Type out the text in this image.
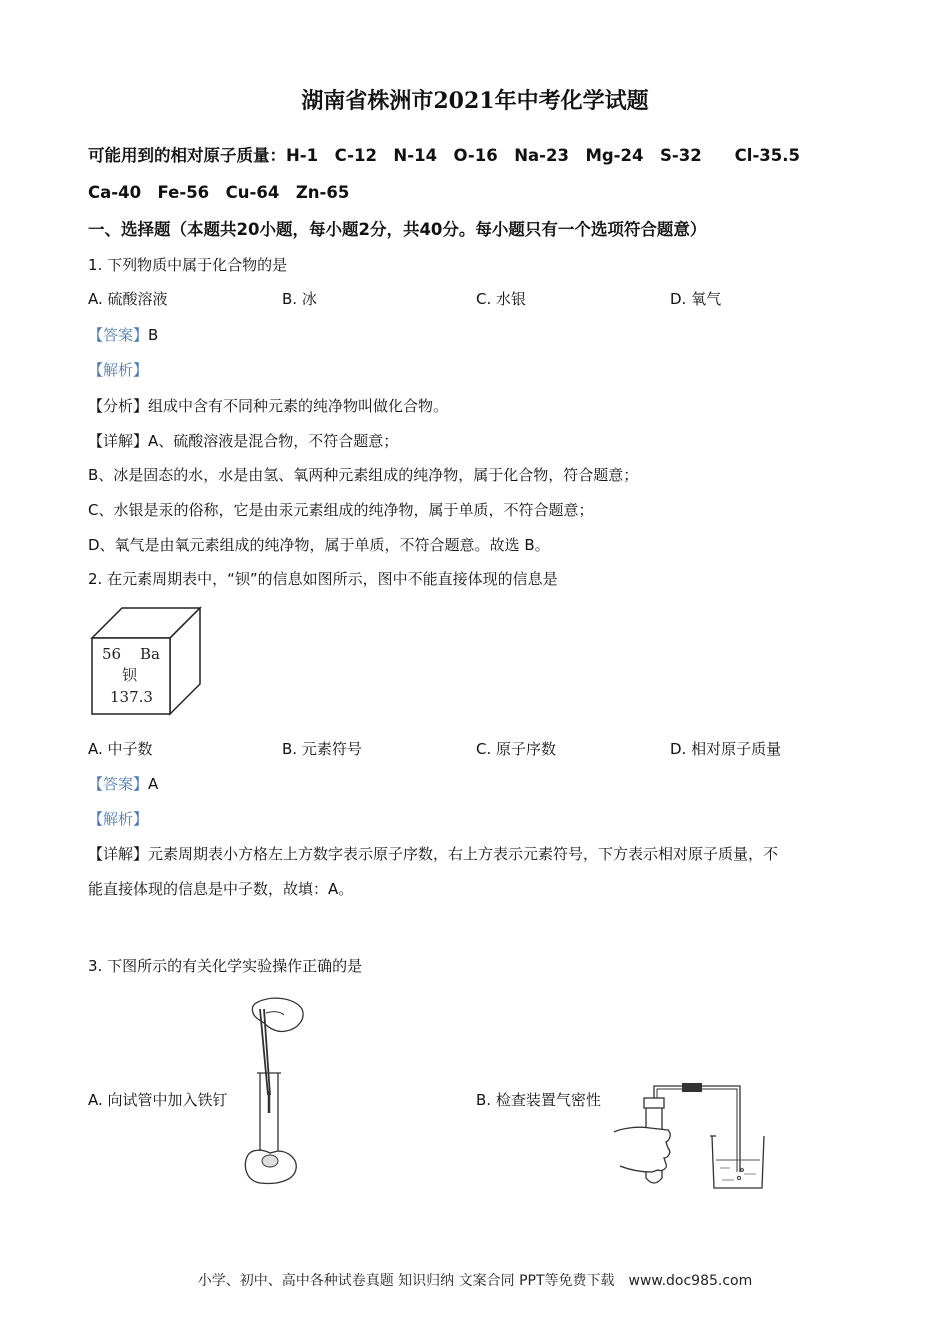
湖南省株洲市2021年中考化学试题
可能用到的相对原子质量：H-1　C-12　N-14　O-16　Na-23　Mg-24　S-32　　Cl-35.5
Ca-40　Fe-56　Cu-64　Zn-65
一、选择题（本题共20小题，每小题2分，共40分。每小题只有一个选项符合题意）
1. 下列物质中属于化合物的是
A. 硫酸溶液	B. 冰	C. 水银	D. 氧气
【答案】B
【解析】
【分析】组成中含有不同种元素的纯净物叫做化合物。
【详解】A、硫酸溶液是混合物，不符合题意；
B、冰是固态的水，水是由氢、氧两种元素组成的纯净物，属于化合物，符合题意；
C、水银是汞的俗称，它是由汞元素组成的纯净物，属于单质，不符合题意；
D、氧气是由氧元素组成的纯净物，属于单质，不符合题意。故选 B。
2. 在元素周期表中，“钡”的信息如图所示，图中不能直接体现的信息是
56 Ba
钡
137.3
A. 中子数	B. 元素符号	C. 原子序数	D. 相对原子质量
【答案】A
【解析】
【详解】元素周期表小方格左上方数字表示原子序数，右上方表示元素符号，下方表示相对原子质量，不
能直接体现的信息是中子数，故填：A。
3. 下图所示的有关化学实验操作正确的是
A. 向试管中加入铁钉	B. 检查装置气密性
小学、初中、高中各种试卷真题 知识归纳 文案合同 PPT等免费下载　www.doc985.com
